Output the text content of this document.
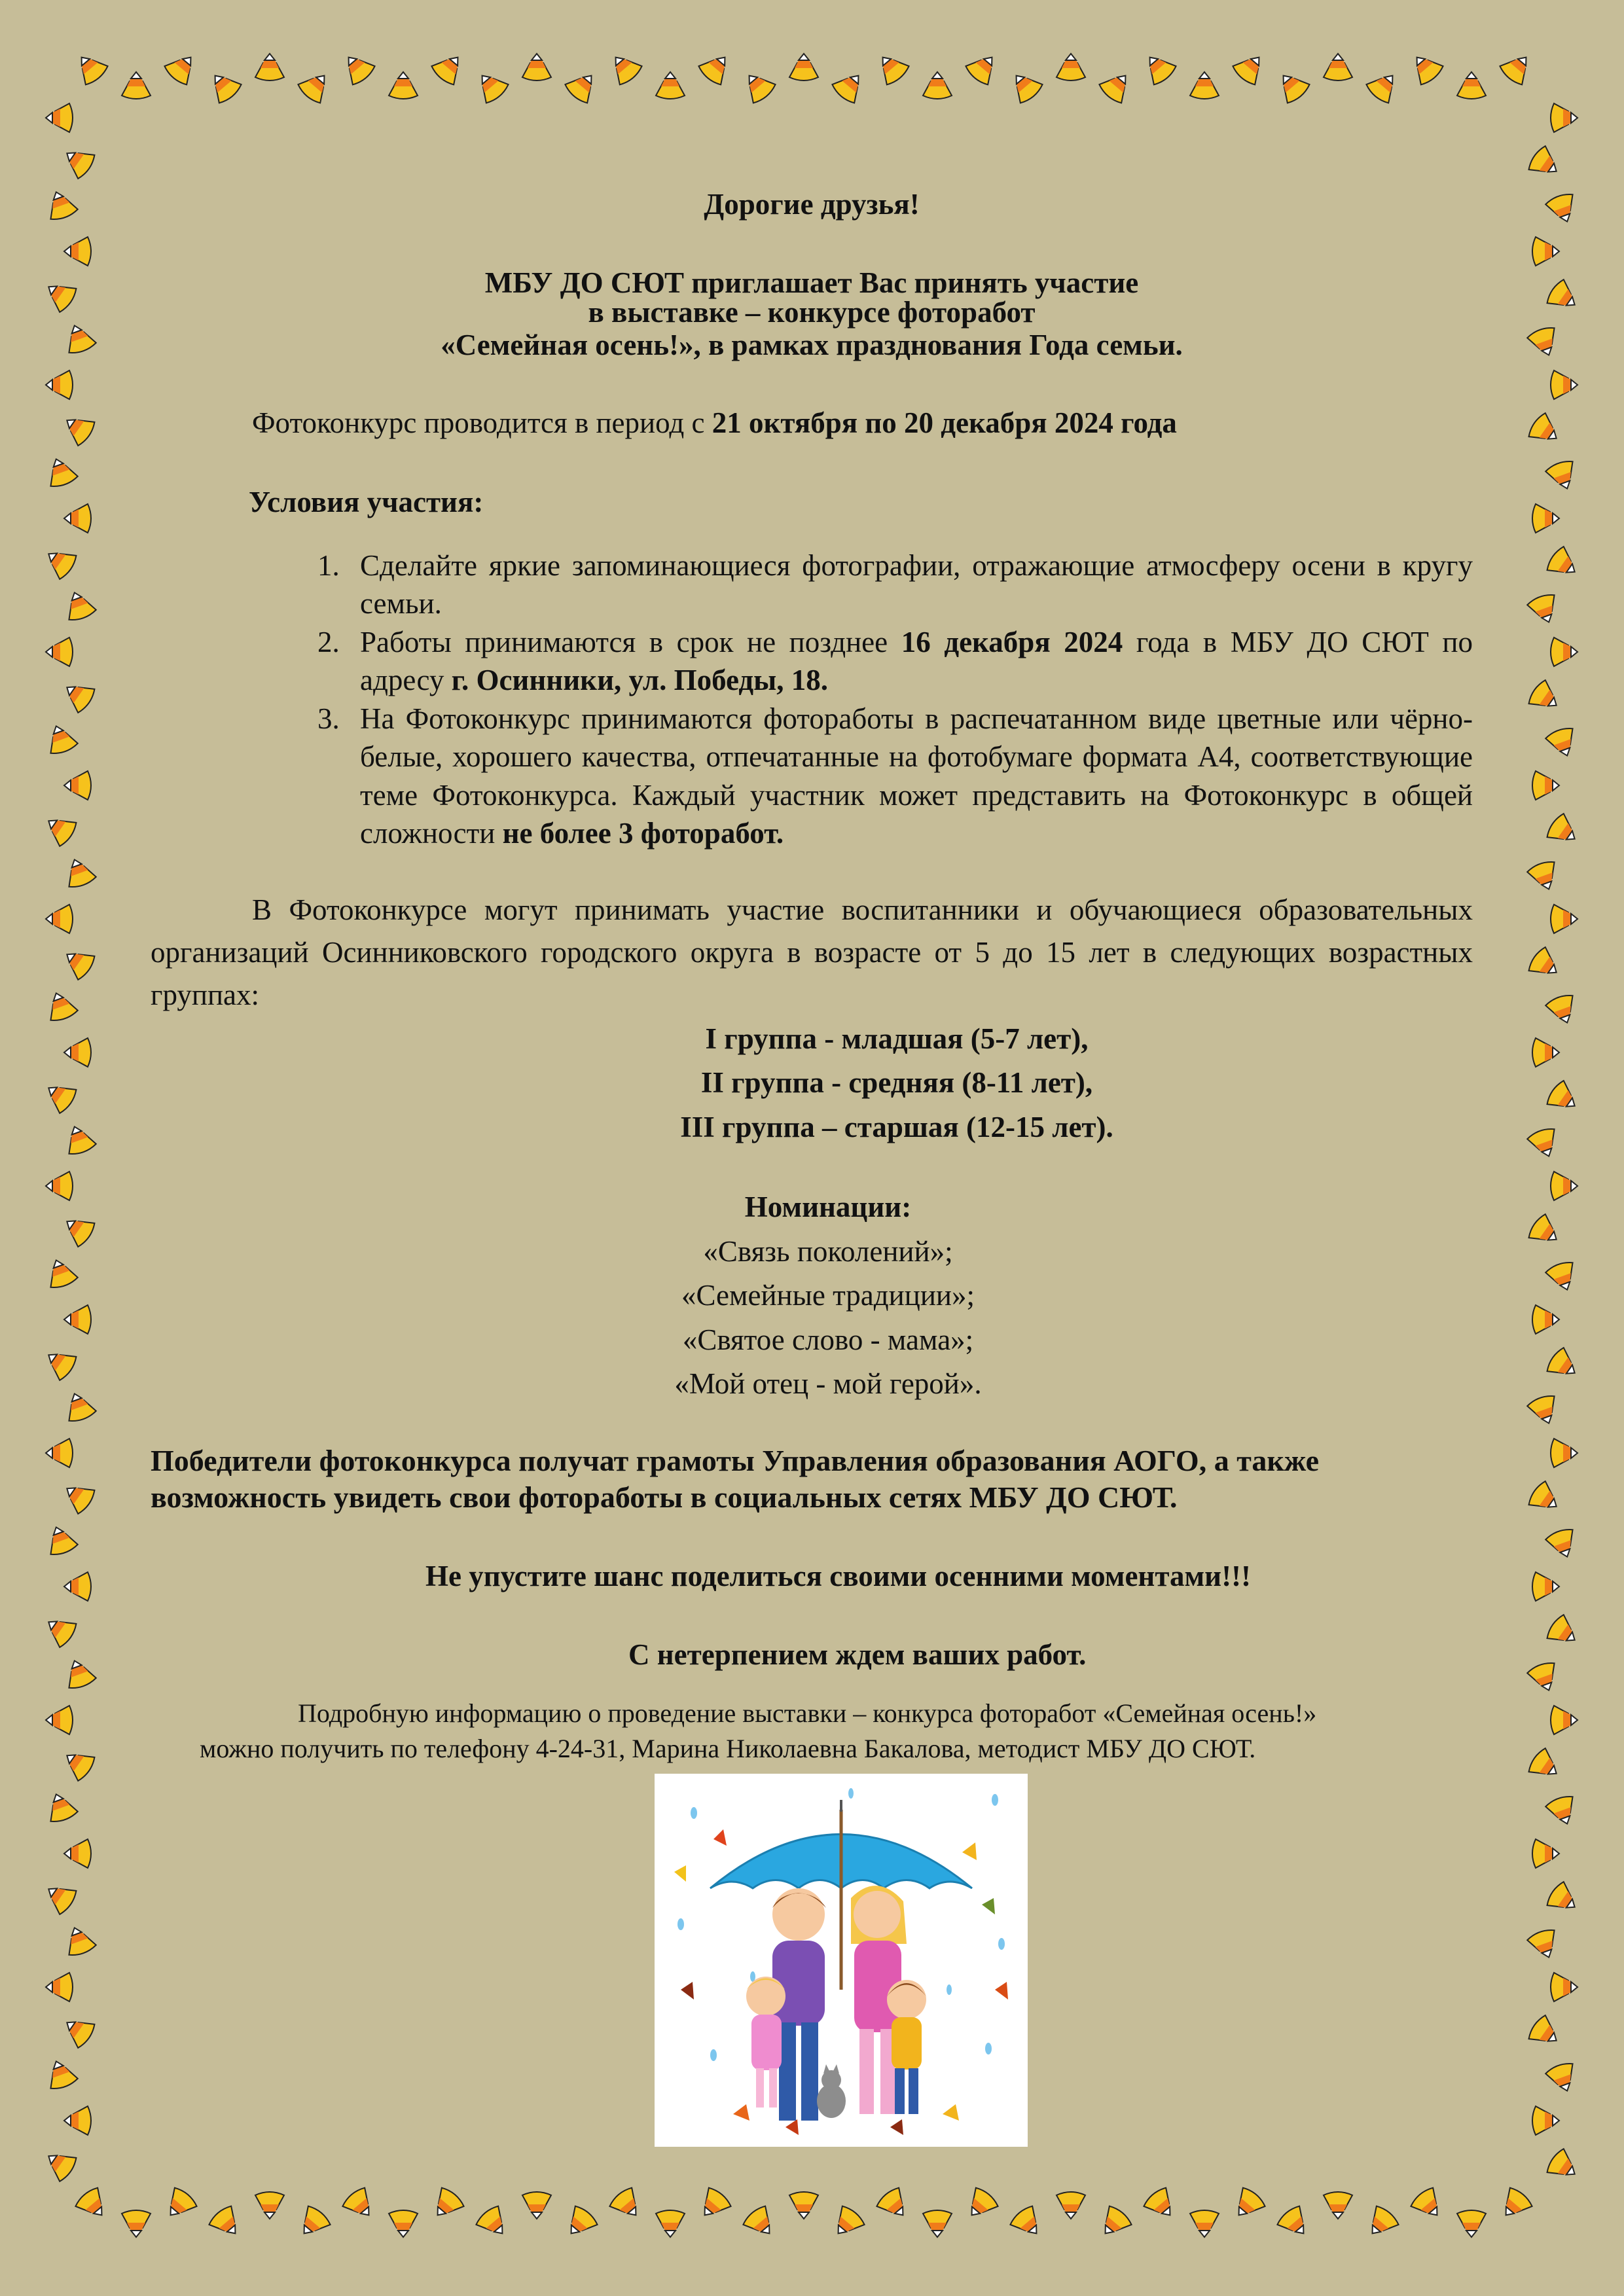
Дорогие друзья!

МБУ ДО СЮТ приглашает Вас принять участие

в выставке – конкурсе фоторабот

«Семейная осень!», в рамках празднования Года семьи.

Фотоконкурс проводится в период с 21 октября по 20 декабря 2024 года

Условия участия:

1. Сделайте яркие запоминающиеся фотографии, отражающие атмосферу осени в кругу семьи.
2. Работы принимаются в срок не позднее 16 декабря 2024 года в МБУ ДО СЮТ по адресу г. Осинники, ул. Победы, 18.
3. На Фотоконкурс принимаются фотоработы в распечатанном виде цветные или чёрно-белые, хорошего качества, отпечатанные на фотобумаге формата А4, соответствующие теме Фотоконкурса. Каждый участник может представить на Фотоконкурс в общей сложности не более 3 фоторабот.

В Фотоконкурсе могут принимать участие воспитанники и обучающиеся образовательных организаций Осинниковского городского округа в возрасте от 5 до 15 лет в следующих возрастных группах:

I группа - младшая (5-7 лет),

II группа - средняя (8-11 лет),

III группа – старшая (12-15 лет).

Номинации:

«Связь поколений»;

«Семейные традиции»;

«Святое слово - мама»;

«Мой отец - мой герой».

Победители фотоконкурса получат грамоты Управления образования АОГО, а также возможность увидеть свои фотоработы в социальных сетях МБУ ДО СЮТ.

Не упустите шанс поделиться своими осенними моментами!!!

С нетерпением ждем ваших работ.

Подробную информацию о проведение выставки – конкурса фоторабот «Семейная осень!»

можно получить по телефону 4-24-31, Марина Николаевна Бакалова, методист МБУ ДО СЮТ.
